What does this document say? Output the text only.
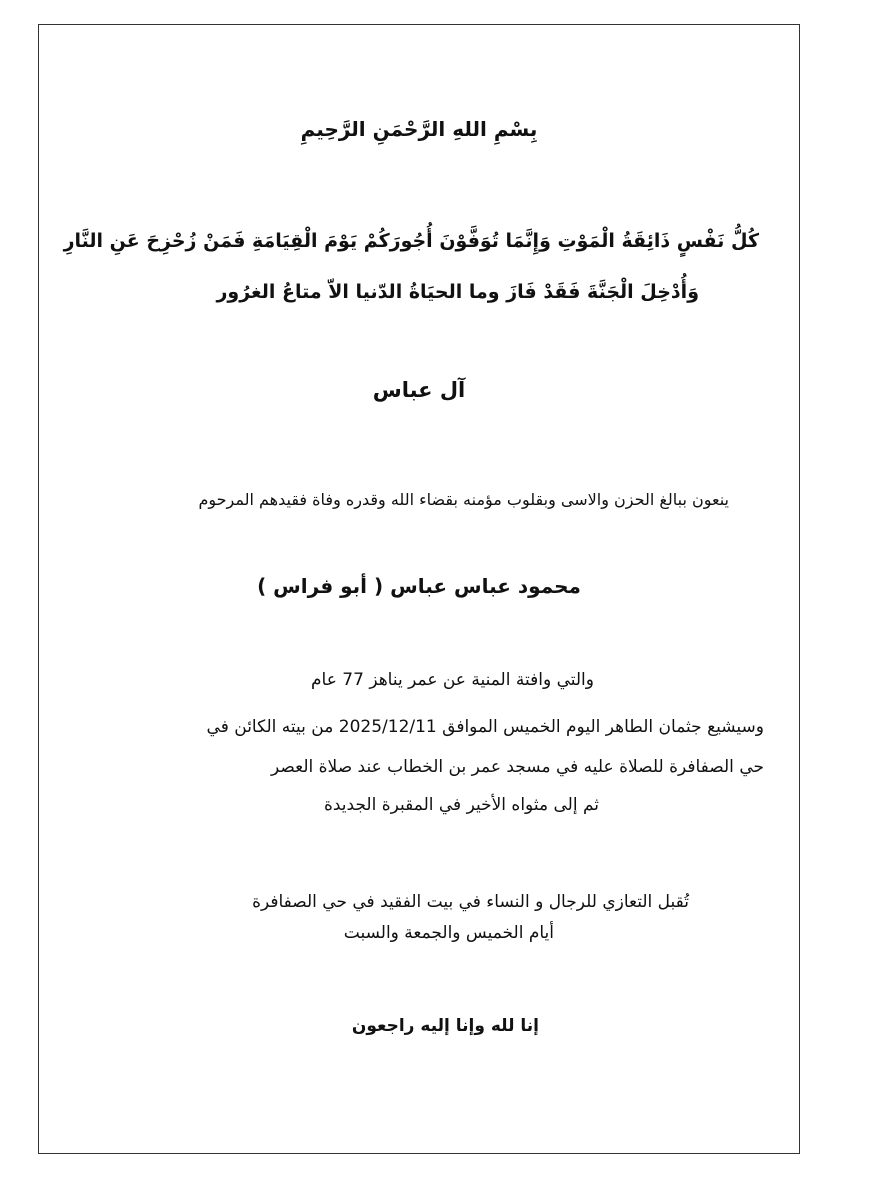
بِسْمِ اللهِ الرَّحْمَنِ الرَّحِيمِ

كُلُّ نَفْسٍ ذَائِقَةُ الْمَوْتِ وَإِنَّمَا تُوَفَّوْنَ أُجُورَكُمْ يَوْمَ الْقِيَامَةِ فَمَنْ زُحْزِحَ عَنِ النَّارِ

وَأُدْخِلَ الْجَنَّةَ فَقَدْ فَازَ وما الحيَاةُ الدّنيا الاّ متاعُ الغرُور

آل عباس

ينعون ببالغ الحزن والاسى وبقلوب مؤمنه بقضاء الله وقدره وفاة فقيدهم المرحوم

محمود عباس عباس ( أبو فراس )

والتي وافتة المنية عن عمر يناهز 77 عام

وسيشيع جثمان الطاهر اليوم الخميس الموافق 2025/12/11 من بيته الكائن في

حي الصفافرة للصلاة عليه في مسجد عمر بن الخطاب عند صلاة العصر

ثم إلى مثواه الأخير في المقبرة الجديدة

تُقبل التعازي للرجال و النساء في بيت الفقيد في حي الصفافرة

أيام الخميس والجمعة والسبت

إنا لله وإنا إليه راجعون
